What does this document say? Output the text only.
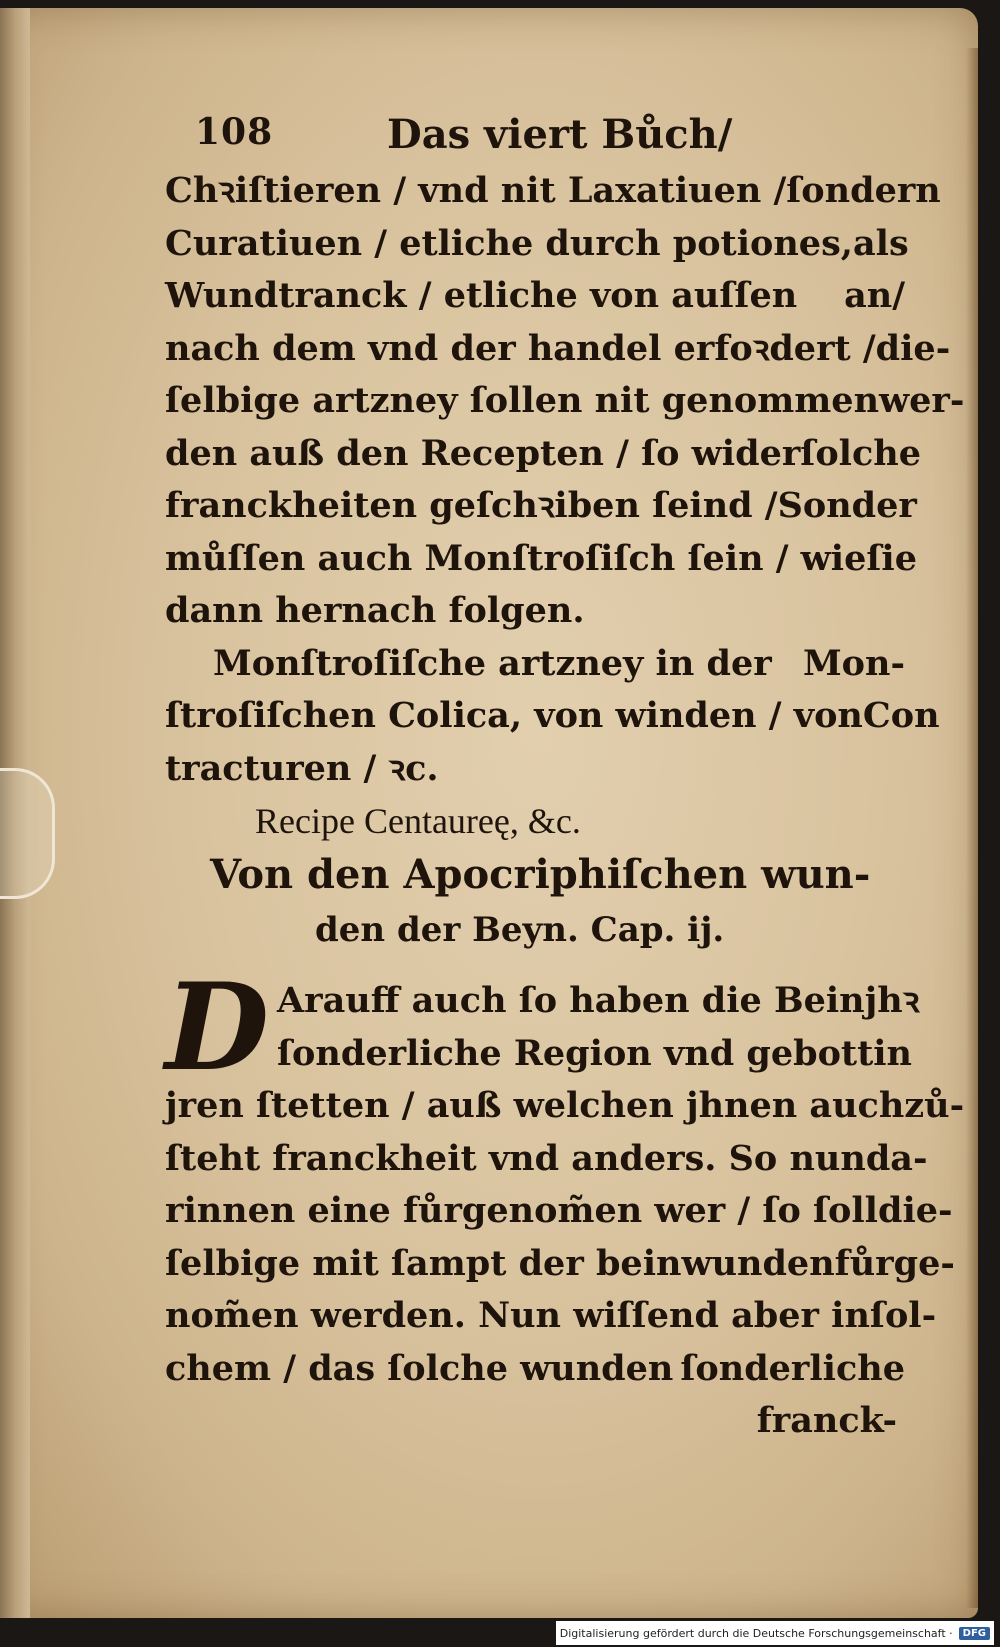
108	Das viert Bůch/
Chꝛiſtieren / vnd nit Laxatiuen / ſondern
Curatiuen / etliche durch potiones, als
Wundtranck / etliche von auſſen an/
nach dem vnd der handel erfoꝛdert / die-
ſelbige artzney ſollen nit genommen wer-
den auß den Recepten / ſo wider ſolche
franckheiten geſchꝛiben ſeind / Sonder
můſſen auch Monſtroſiſch ſein / wie ſie
dann hernach folgen.
Monſtroſiſche artzney in der Mon-
ſtroſiſchen Colica, von winden / von Con
tracturen / ꝛc.
Recipe Centaureę, &c.
Von den Apocriphiſchen wun-
den der Beyn. Cap. ij.
D Arauff auch ſo haben die Bein jhꝛ
ſonderliche Region vnd gebott in
jren ſtetten / auß welchen jhnen auch zů-
ſteht franckheit vnd anders. So nun da-
rinnen eine fůrgenom̃en wer / ſo ſoll die-
ſelbige mit ſampt der beinwunden fůrge-
nom̃en werden. Nun wiſſend aber in ſol-
chem / das ſolche wunden ſonderliche
franck-
Digitalisierung gefördert durch die Deutsche Forschungsgemeinschaft ·	DFG
